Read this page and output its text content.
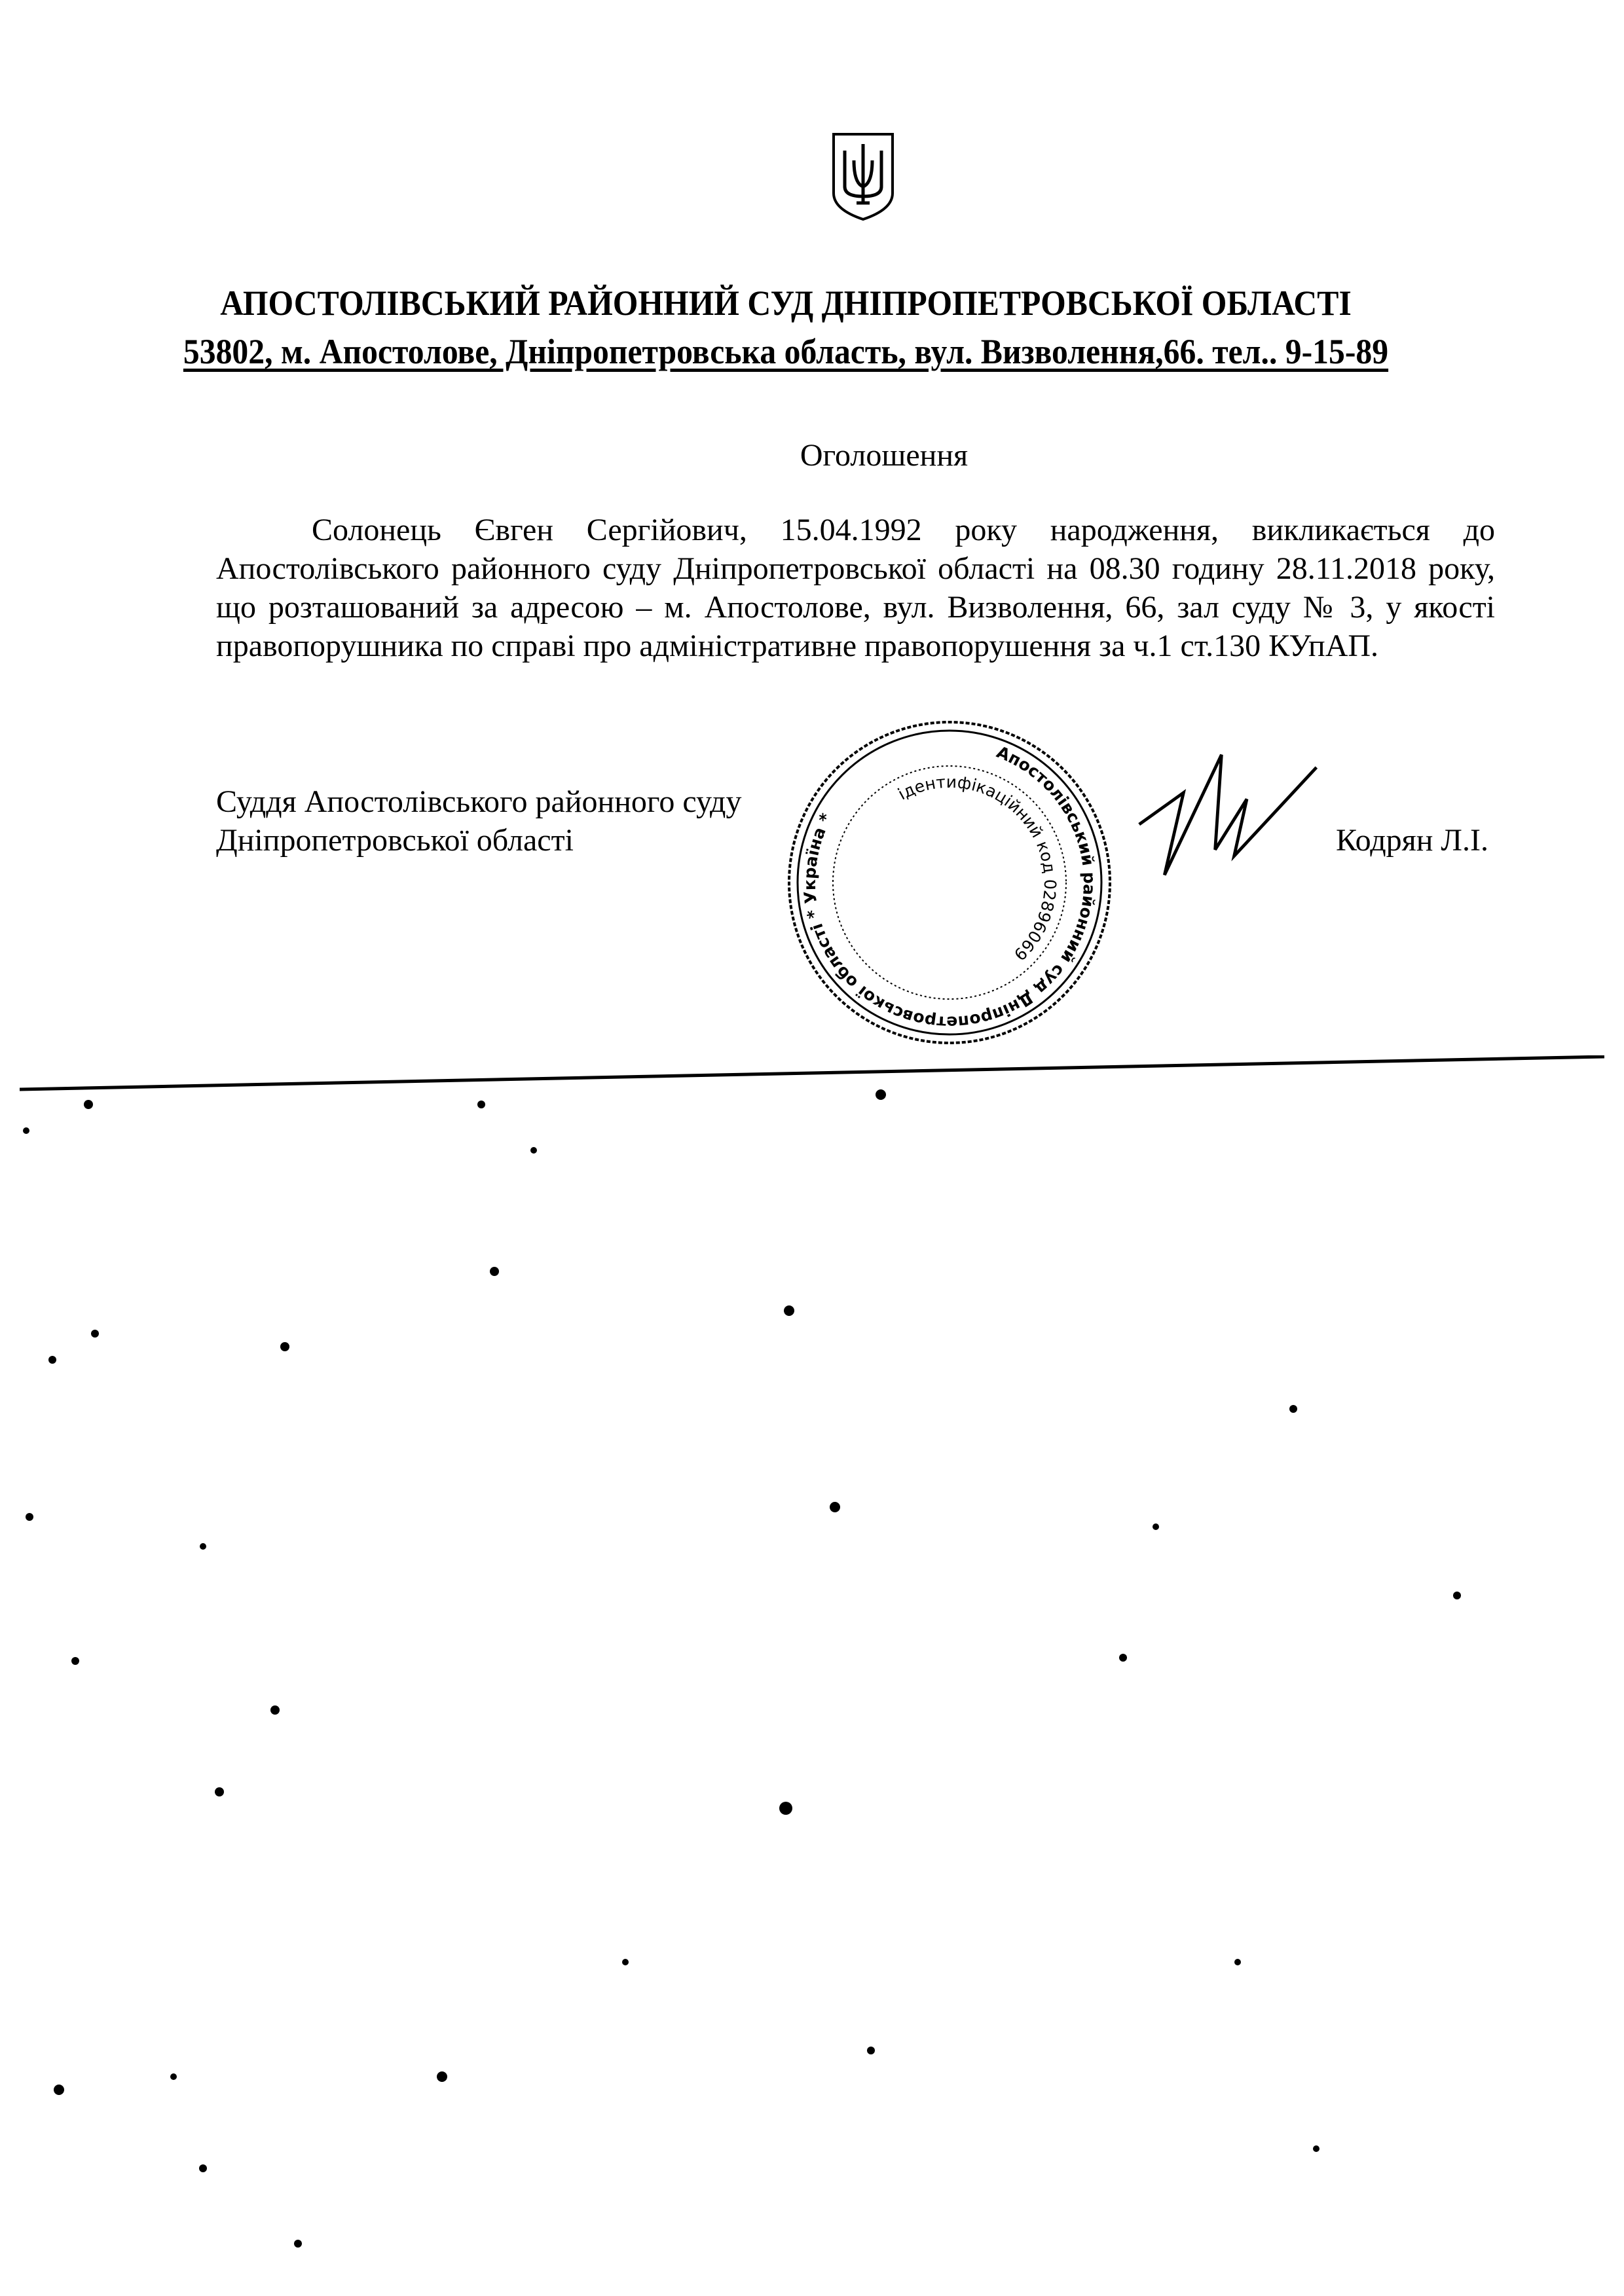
АПОСТОЛІВСЬКИЙ РАЙОННИЙ СУД ДНІПРОПЕТРОВСЬКОЇ ОБЛАСТІ
53802, м. Апостолове, Дніпропетровська область, вул. Визволення,66. тел.. 9-15-89
Оголошення

Солонець Євген Сергійович, 15.04.1992 року народження, викликається до Апостолівського районного суду Дніпропетровської області на 08.30 годину 28.11.2018 року, що розташований за адресою – м. Апостолове, вул. Визволення, 66, зал суду № 3, у якості правопорушника по справі про адміністративне правопорушення за ч.1 ст.130 КУпАП.

Суддя Апостолівського районного суду
Дніпропетровської області	Кодрян Л.І.
Апостолівський районний суд Дніпропетровської області * Україна *
ідентифікаційний код 02896069
